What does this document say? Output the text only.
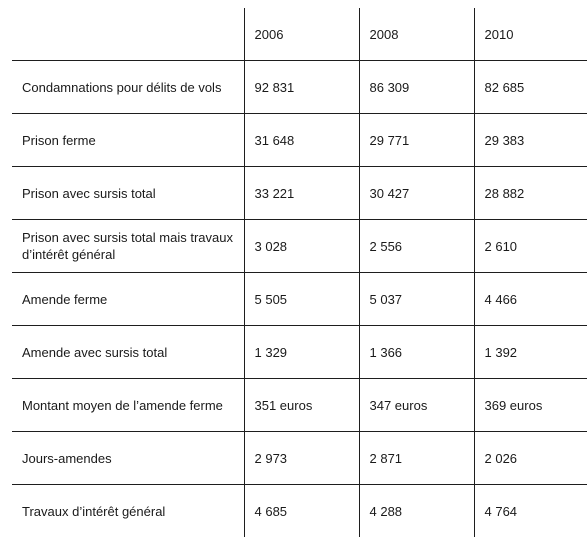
	2006	2008	2010
Condamnations pour délits de vols	92 831	86 309	82 685
Prison ferme	31 648	29 771	29 383
Prison avec sursis total	33 221	30 427	28 882
Prison avec sursis total mais travaux d’intérêt général	3 028	2 556	2 610
Amende ferme	5 505	5 037	4 466
Amende avec sursis total	1 329	1 366	1 392
Montant moyen de l’amende ferme	351 euros	347 euros	369 euros
Jours-amendes	2 973	2 871	2 026
Travaux d’intérêt général	4 685	4 288	4 764
